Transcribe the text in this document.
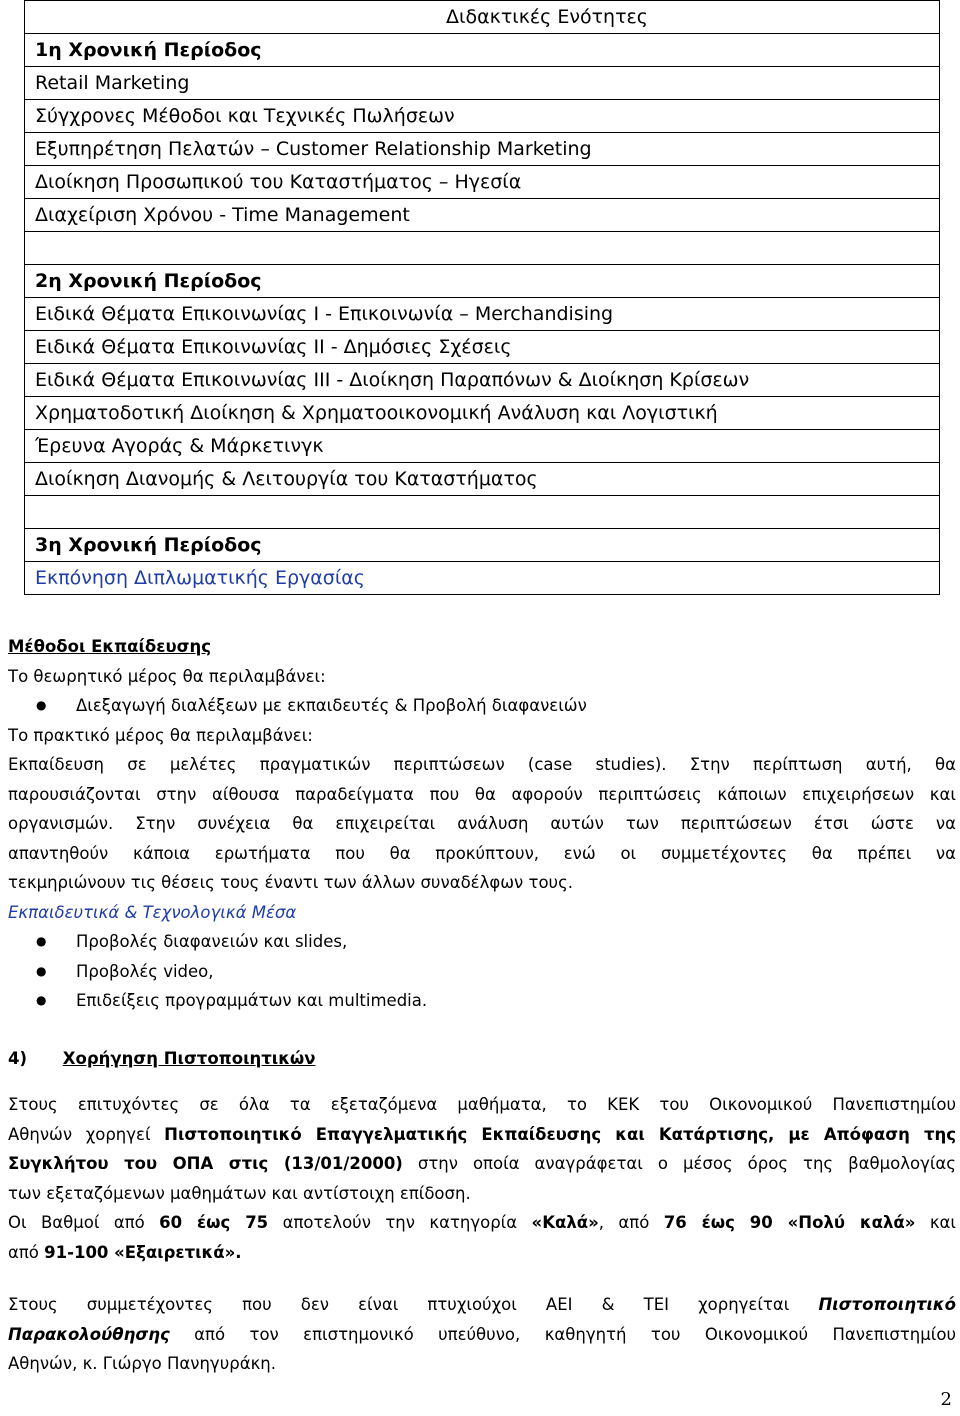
Διδακτικές Ενότητες
1η Χρονική Περίοδος
Retail Marketing
Σύγχρονες Μέθοδοι και Τεχνικές Πωλήσεων
Εξυπηρέτηση Πελατών – Customer Relationship Marketing
Διοίκηση Προσωπικού του Καταστήματος – Ηγεσία
Διαχείριση Χρόνου - Time Management

2η Χρονική Περίοδος
Ειδικά Θέματα Επικοινωνίας Ι - Επικοινωνία – Merchandising
Ειδικά Θέματα Επικοινωνίας ΙΙ - Δημόσιες Σχέσεις
Ειδικά Θέματα Επικοινωνίας ΙΙΙ - Διοίκηση Παραπόνων & Διοίκηση Κρίσεων
Χρηματοδοτική Διοίκηση & Χρηματοοικονομική Ανάλυση και Λογιστική
Έρευνα Αγοράς & Μάρκετινγκ
Διοίκηση Διανομής & Λειτουργία του Καταστήματος

3η Χρονική Περίοδος
Εκπόνηση Διπλωματικής Εργασίας
Μέθοδοι Εκπαίδευσης
Το θεωρητικό μέρος θα περιλαμβάνει:
● Διεξαγωγή διαλέξεων με εκπαιδευτές & Προβολή διαφανειών
Το πρακτικό μέρος θα περιλαμβάνει:
Εκπαίδευση σε μελέτες πραγματικών περιπτώσεων (case studies). Στην περίπτωση αυτή, θα
παρουσιάζονται στην αίθουσα παραδείγματα που θα αφορούν περιπτώσεις κάποιων επιχειρήσεων και
οργανισμών. Στην συνέχεια θα επιχειρείται ανάλυση αυτών των περιπτώσεων έτσι ώστε να
απαντηθούν κάποια ερωτήματα που θα προκύπτουν, ενώ οι συμμετέχοντες θα πρέπει να
τεκμηριώνουν τις θέσεις τους έναντι των άλλων συναδέλφων τους.
Εκπαιδευτικά & Τεχνολογικά Μέσα
● Προβολές διαφανειών και slides,
● Προβολές video,
● Επιδείξεις προγραμμάτων και multimedia.
4) Χορήγηση Πιστοποιητικών
Στους επιτυχόντες σε όλα τα εξεταζόμενα μαθήματα, το ΚΕΚ του Οικονομικού Πανεπιστημίου
Αθηνών χορηγεί Πιστοποιητικό Επαγγελματικής Εκπαίδευσης και Κατάρτισης, με Απόφαση της
Συγκλήτου του ΟΠΑ στις (13/01/2000) στην οποία αναγράφεται ο μέσος όρος της βαθμολογίας
των εξεταζόμενων μαθημάτων και αντίστοιχη επίδοση.
Οι Βαθμοί από 60 έως 75 αποτελούν την κατηγορία «Καλά», από 76 έως 90 «Πολύ καλά» και
από 91-100 «Εξαιρετικά».
Στους συμμετέχοντες που δεν είναι πτυχιούχοι ΑΕΙ & ΤΕΙ χορηγείται Πιστοποιητικό
Παρακολούθησης από τον επιστημονικό υπεύθυνο, καθηγητή του Οικονομικού Πανεπιστημίου
Αθηνών, κ. Γιώργο Πανηγυράκη.
2
